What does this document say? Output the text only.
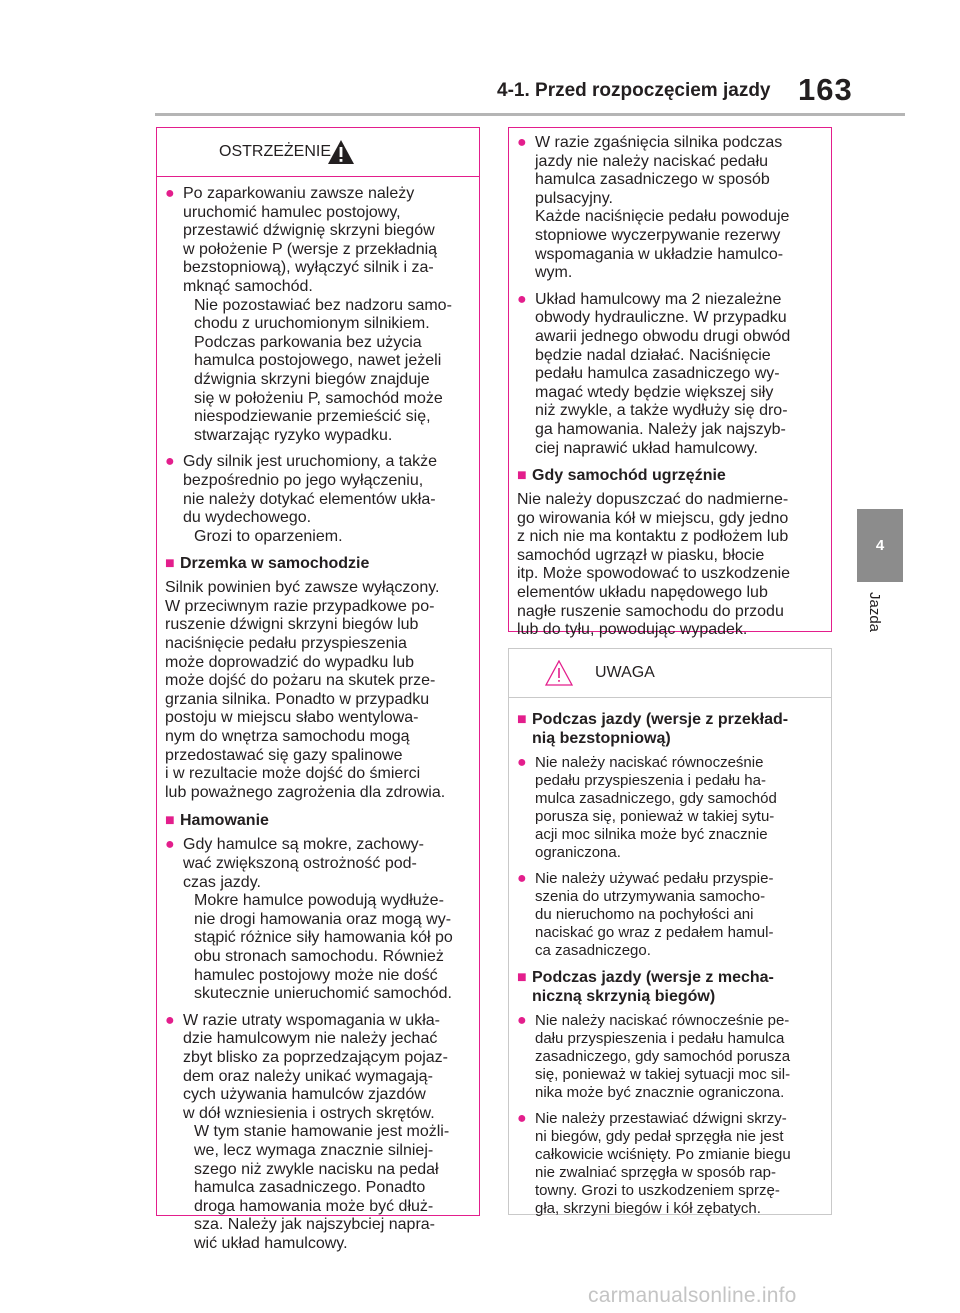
4-1. Przed rozpoczęciem jazdy 163
4
Jazda
OSTRZEŻENIE
● Po zaparkowaniu zawsze należy
uruchomić hamulec postojowy,
przestawić dźwignię skrzyni biegów
w położenie P (wersje z przekładnią
bezstopniową), wyłączyć silnik i za-
mknąć samochód.
Nie pozostawiać bez nadzoru samo-
chodu z uruchomionym silnikiem.
Podczas parkowania bez użycia
hamulca postojowego, nawet jeżeli
dźwignia skrzyni biegów znajduje
się w położeniu P, samochód może
niespodziewanie przemieścić się,
stwarzając ryzyko wypadku.
● Gdy silnik jest uruchomiony, a także
bezpośrednio po jego wyłączeniu,
nie należy dotykać elementów ukła-
du wydechowego.
Grozi to oparzeniem.
■ Drzemka w samochodzie
Silnik powinien być zawsze wyłączony.
W przeciwnym razie przypadkowe po-
ruszenie dźwigni skrzyni biegów lub
naciśnięcie pedału przyspieszenia
może doprowadzić do wypadku lub
może dojść do pożaru na skutek prze-
grzania silnika. Ponadto w przypadku
postoju w miejscu słabo wentylowa-
nym do wnętrza samochodu mogą
przedostawać się gazy spalinowe
i w rezultacie może dojść do śmierci
lub poważnego zagrożenia dla zdrowia.
■ Hamowanie
● Gdy hamulce są mokre, zachowy-
wać zwiększoną ostrożność pod-
czas jazdy.
Mokre hamulce powodują wydłuże-
nie drogi hamowania oraz mogą wy-
stąpić różnice siły hamowania kół po
obu stronach samochodu. Również
hamulec postojowy może nie dość
skutecznie unieruchomić samochód.
● W razie utraty wspomagania w ukła-
dzie hamulcowym nie należy jechać
zbyt blisko za poprzedzającym pojaz-
dem oraz należy unikać wymagają-
cych używania hamulców zjazdów
w dół wzniesienia i ostrych skrętów.
W tym stanie hamowanie jest możli-
we, lecz wymaga znacznie silniej-
szego niż zwykle nacisku na pedał
hamulca zasadniczego. Ponadto
droga hamowania może być dłuż-
sza. Należy jak najszybciej napra-
wić układ hamulcowy.
● W razie zgaśnięcia silnika podczas
jazdy nie należy naciskać pedału
hamulca zasadniczego w sposób
pulsacyjny.
Każde naciśnięcie pedału powoduje
stopniowe wyczerpywanie rezerwy
wspomagania w układzie hamulco-
wym.
● Układ hamulcowy ma 2 niezależne
obwody hydrauliczne. W przypadku
awarii jednego obwodu drugi obwód
będzie nadal działać. Naciśnięcie
pedału hamulca zasadniczego wy-
magać wtedy będzie większej siły
niż zwykle, a także wydłuży się dro-
ga hamowania. Należy jak najszyb-
ciej naprawić układ hamulcowy.
■ Gdy samochód ugrzęźnie
Nie należy dopuszczać do nadmierne-
go wirowania kół w miejscu, gdy jedno
z nich nie ma kontaktu z podłożem lub
samochód ugrzązł w piasku, błocie
itp. Może spowodować to uszkodzenie
elementów układu napędowego lub
nagłe ruszenie samochodu do przodu
lub do tyłu, powodując wypadek.
UWAGA
■ Podczas jazdy (wersje z przekład-
nią bezstopniową)
● Nie należy naciskać równocześnie
pedału przyspieszenia i pedału ha-
mulca zasadniczego, gdy samochód
porusza się, ponieważ w takiej sytu-
acji moc silnika może być znacznie
ograniczona.
● Nie należy używać pedału przyspie-
szenia do utrzymywania samocho-
du nieruchomo na pochyłości ani
naciskać go wraz z pedałem hamul-
ca zasadniczego.
■ Podczas jazdy (wersje z mecha-
niczną skrzynią biegów)
● Nie należy naciskać równocześnie pe-
dału przyspieszenia i pedału hamulca
zasadniczego, gdy samochód porusza
się, ponieważ w takiej sytuacji moc sil-
nika może być znacznie ograniczona.
● Nie należy przestawiać dźwigni skrzy-
ni biegów, gdy pedał sprzęgła nie jest
całkowicie wciśnięty. Po zmianie biegu
nie zwalniać sprzęgła w sposób rap-
towny. Grozi to uszkodzeniem sprzę-
gła, skrzyni biegów i kół zębatych.
carmanualsonline.info
